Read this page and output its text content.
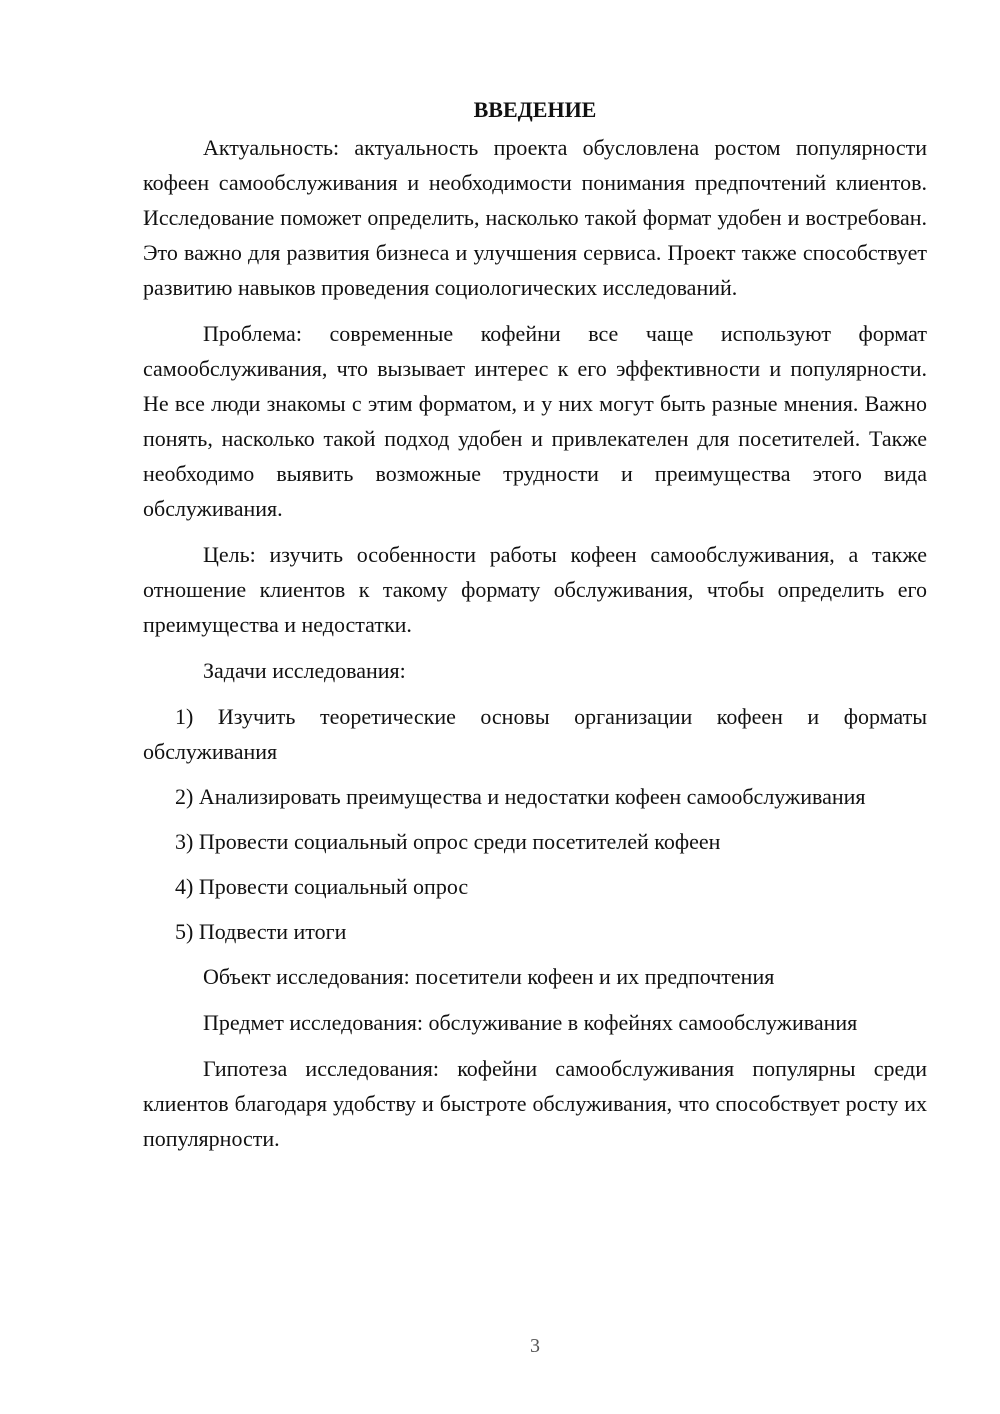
ВВЕДЕНИЕ

Актуальность: актуальность проекта обусловлена ростом популярности кофеен самообслуживания и необходимости понимания предпочтений клиентов. Исследование поможет определить, насколько такой формат удобен и востребован. Это важно для развития бизнеса и улучшения сервиса. Проект также способствует развитию навыков проведения социологических исследований.

Проблема: современные кофейни все чаще используют формат самообслуживания, что вызывает интерес к его эффективности и популярности. Не все люди знакомы с этим форматом, и у них могут быть разные мнения. Важно понять, насколько такой подход удобен и привлекателен для посетителей. Также необходимо выявить возможные трудности и преимущества этого вида обслуживания.

Цель: изучить особенности работы кофеен самообслуживания, а также отношение клиентов к такому формату обслуживания, чтобы определить его преимущества и недостатки.

Задачи исследования:

1) Изучить теоретические основы организации кофеен и форматы обслуживания

2) Анализировать преимущества и недостатки кофеен самообслуживания

3) Провести социальный опрос среди посетителей кофеен

4) Провести социальный опрос

5) Подвести итоги

Объект исследования: посетители кофеен и их предпочтения

Предмет исследования: обслуживание в кофейнях самообслуживания

Гипотеза исследования: кофейни самообслуживания популярны среди клиентов благодаря удобству и быстроте обслуживания, что способствует росту их популярности.

3
